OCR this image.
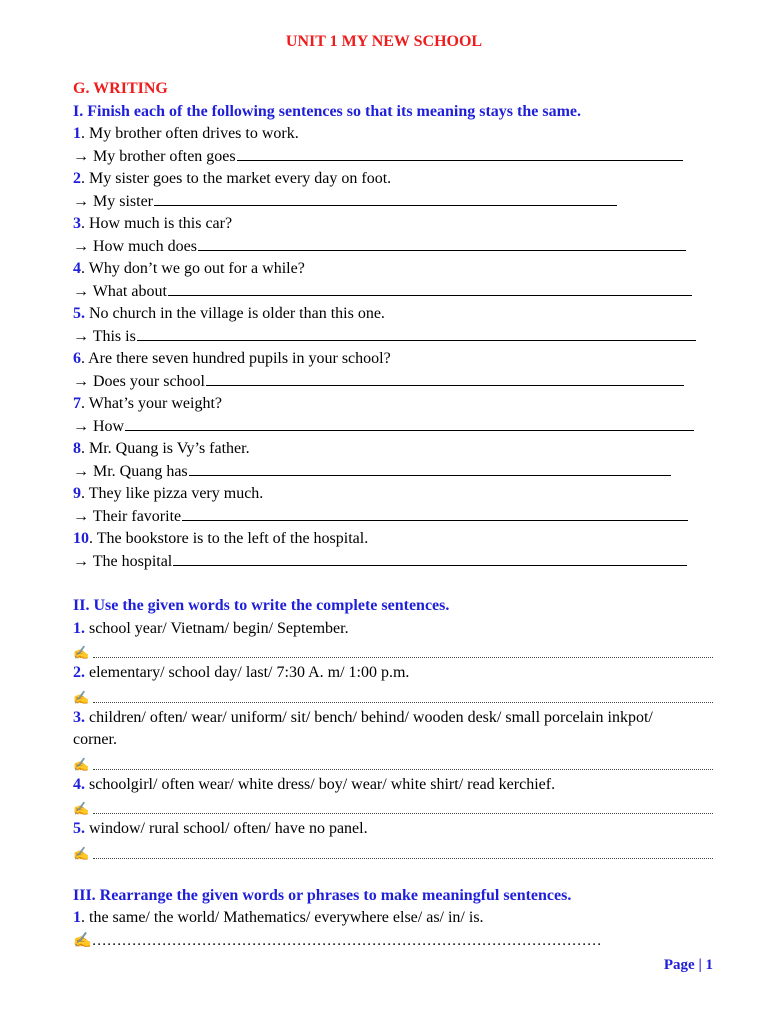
UNIT 1 MY NEW SCHOOL
G. WRITING
I. Finish each of the following sentences so that its meaning stays the same.
1. My brother often drives to work.
→ My brother often goes
2. My sister goes to the market every day on foot.
→ My sister
3. How much is this car?
→ How much does
4. Why don’t we go out for a while?
→ What about
5. No church in the village is older than this one.
→ This is
6. Are there seven hundred pupils in your school?
→ Does your school
7. What’s your weight?
→ How
8. Mr. Quang is Vy’s father.
→ Mr. Quang has
9. They like pizza very much.
→ Their favorite
10. The bookstore is to the left of the hospital.
→ The hospital
II. Use the given words to write the complete sentences.
1. school year/ Vietnam/ begin/ September.
✍
2. elementary/ school day/ last/ 7:30 A. m/ 1:00 p.m.
✍
3. children/ often/ wear/ uniform/ sit/ bench/ behind/ wooden desk/ small porcelain inkpot/ corner.
✍
4. schoolgirl/ often wear/ white dress/ boy/ wear/ white shirt/ read kerchief.
✍
5. window/ rural school/ often/ have no panel.
✍
III. Rearrange the given words or phrases to make meaningful sentences.
1. the same/ the world/ Mathematics/ everywhere else/ as/ in/ is.
✍…………………………………………………………………………………………
Page | 1
